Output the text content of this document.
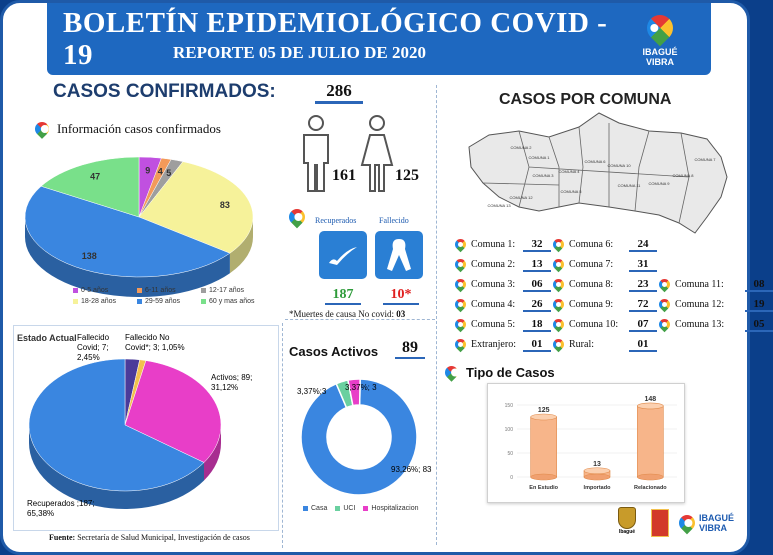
BOLETÍN EPIDEMIOLÓGICO COVID - 19	REPORTE 05 DE JULIO DE 2020	IBAGUÉ VIBRA
CASOS CONFIRMADOS:	286
Información casos confirmados
9 4 5
83
138
47
0-5 años	6-11 años	12-17 años
18-28 años	29-59 años	60 y mas años
161 125
Recuperados	Fallecido
187	10*
*Muertes de causa No covid: 03
Estado Actual Fallecido Covid; 7; 2,45%
Fallecido No Covid*; 3; 1,05%
Activos; 89; 31,12%
Recuperados ;187; 65,38%
Casos Activos	89
3,37%;3 3,37%; 3
93,26%; 83
Casa UCI Hospitalizacion
Fuente: Secretaría de Salud Municipal, Investigación de casos
CASOS POR COMUNA
COMUNA 1
COMUNA 2
COMUNA 3
COMUNA 4
COMUNA 5
COMUNA 6	COMUNA 7
COMUNA 8
COMUNA 9
COMUNA 10
COMUNA 11
COMUNA 12
COMUNA 13
Comuna 1:	32
Comuna 2:	13
Comuna 3:	06
Comuna 4:	26
Comuna 5:	18
Comuna 6:	24
Comuna 7:	31
Comuna 8:	23
Comuna 9:	72
Comuna 10:	07
Comuna 11:	08
Comuna 12:	19
Comuna 13:	05
Extranjero:	01	Rural:	01
Tipo de Casos
0
50
100
150
125
En Estudio
13
Importado
148
Relacionado
Ibagué
IBAGUÉ VIBRA
